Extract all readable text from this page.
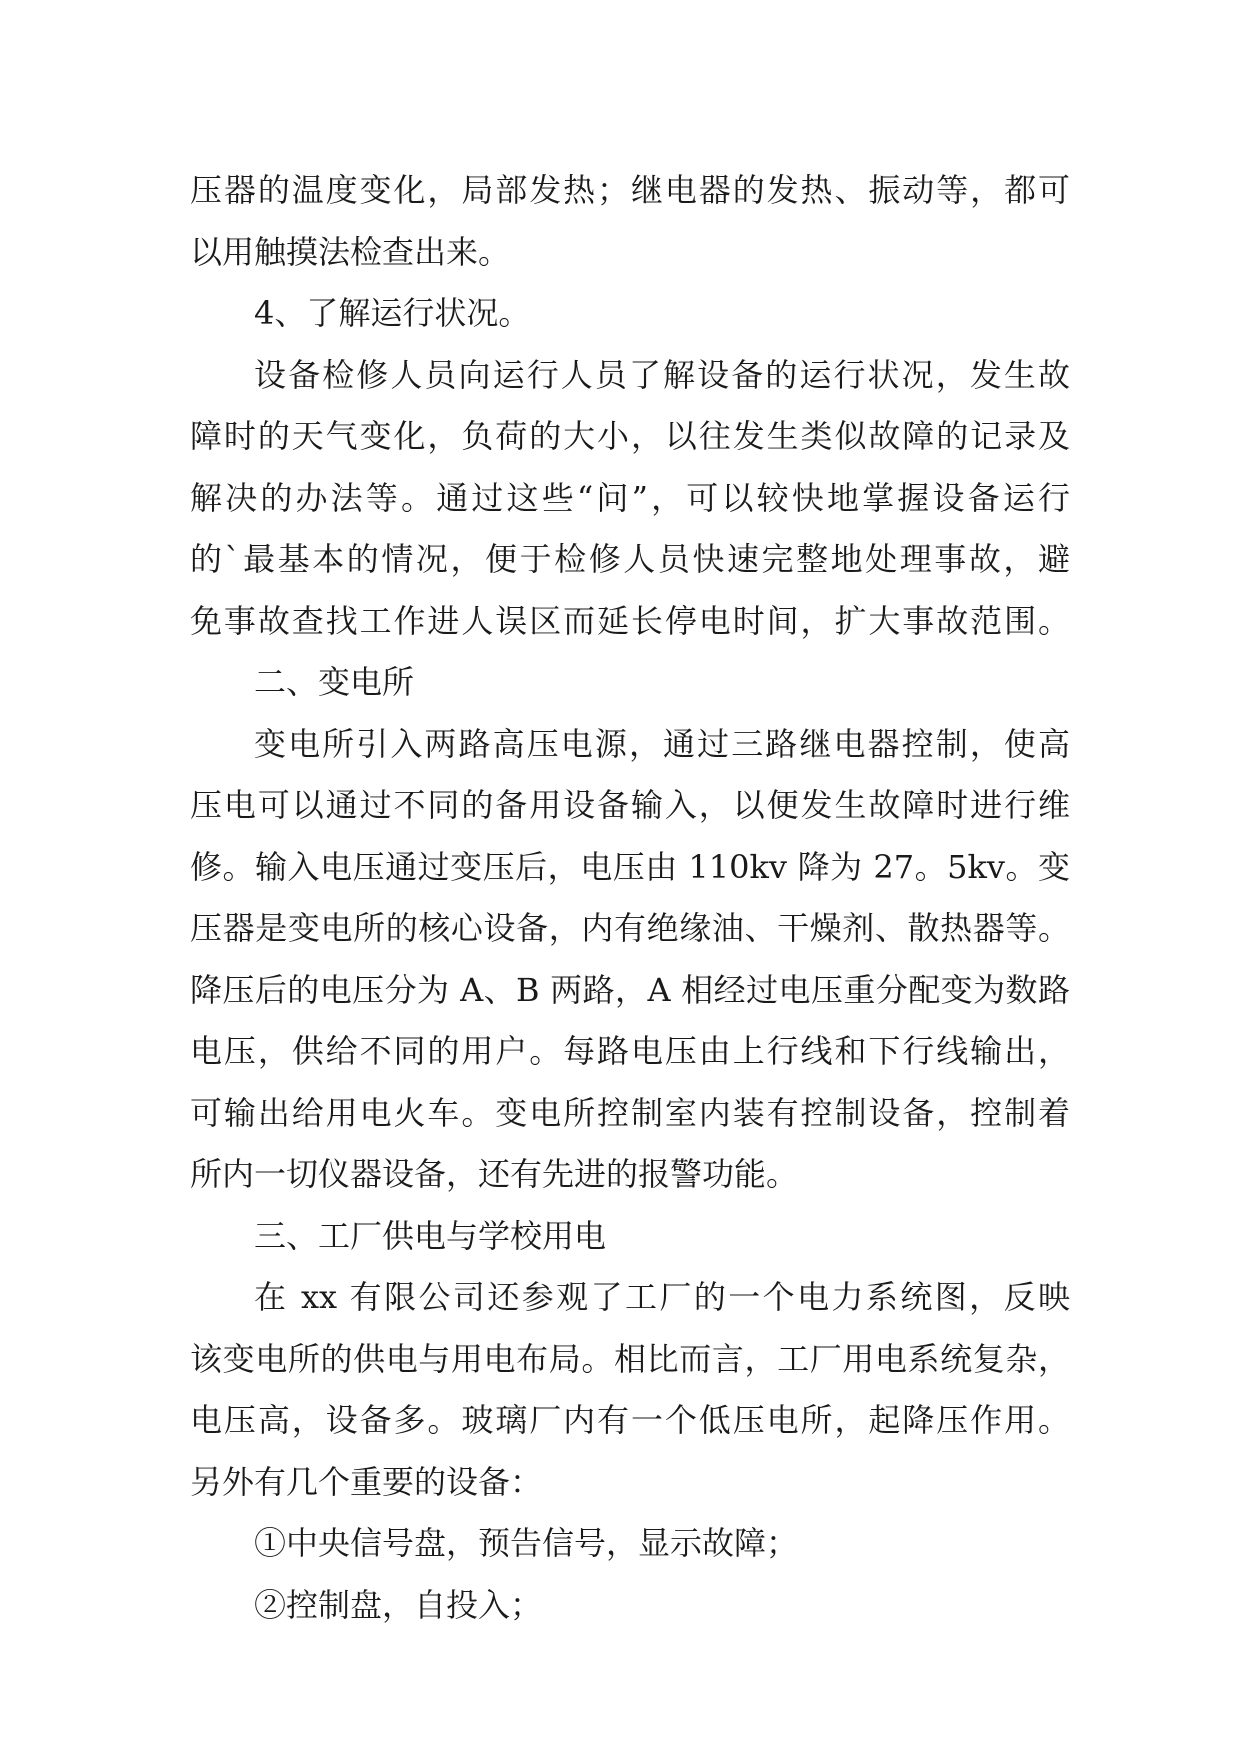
压器的温度变化，局部发热；继电器的发热、振动等，都可
以用触摸法检查出来。
4、了解运行状况。
设备检修人员向运行人员了解设备的运行状况，发生故
障时的天气变化，负荷的大小，以往发生类似故障的记录及
解决的办法等。通过这些“问”，可以较快地掌握设备运行
的`最基本的情况，便于检修人员快速完整地处理事故，避
免事故查找工作进人误区而延长停电时间，扩大事故范围。
二、变电所
变电所引入两路高压电源，通过三路继电器控制，使高
压电可以通过不同的备用设备输入，以便发生故障时进行维
修。输入电压通过变压后，电压由 110kv 降为 27。5kv。变
压器是变电所的核心设备，内有绝缘油、干燥剂、散热器等。
降压后的电压分为 A、B 两路，A 相经过电压重分配变为数路
电压，供给不同的用户。每路电压由上行线和下行线输出，
可输出给用电火车。变电所控制室内装有控制设备，控制着
所内一切仪器设备，还有先进的报警功能。
三、工厂供电与学校用电
在 xx 有限公司还参观了工厂的一个电力系统图，反映
该变电所的供电与用电布局。相比而言，工厂用电系统复杂，
电压高，设备多。玻璃厂内有一个低压电所，起降压作用。
另外有几个重要的设备：
①中央信号盘，预告信号，显示故障；
②控制盘，自投入；
